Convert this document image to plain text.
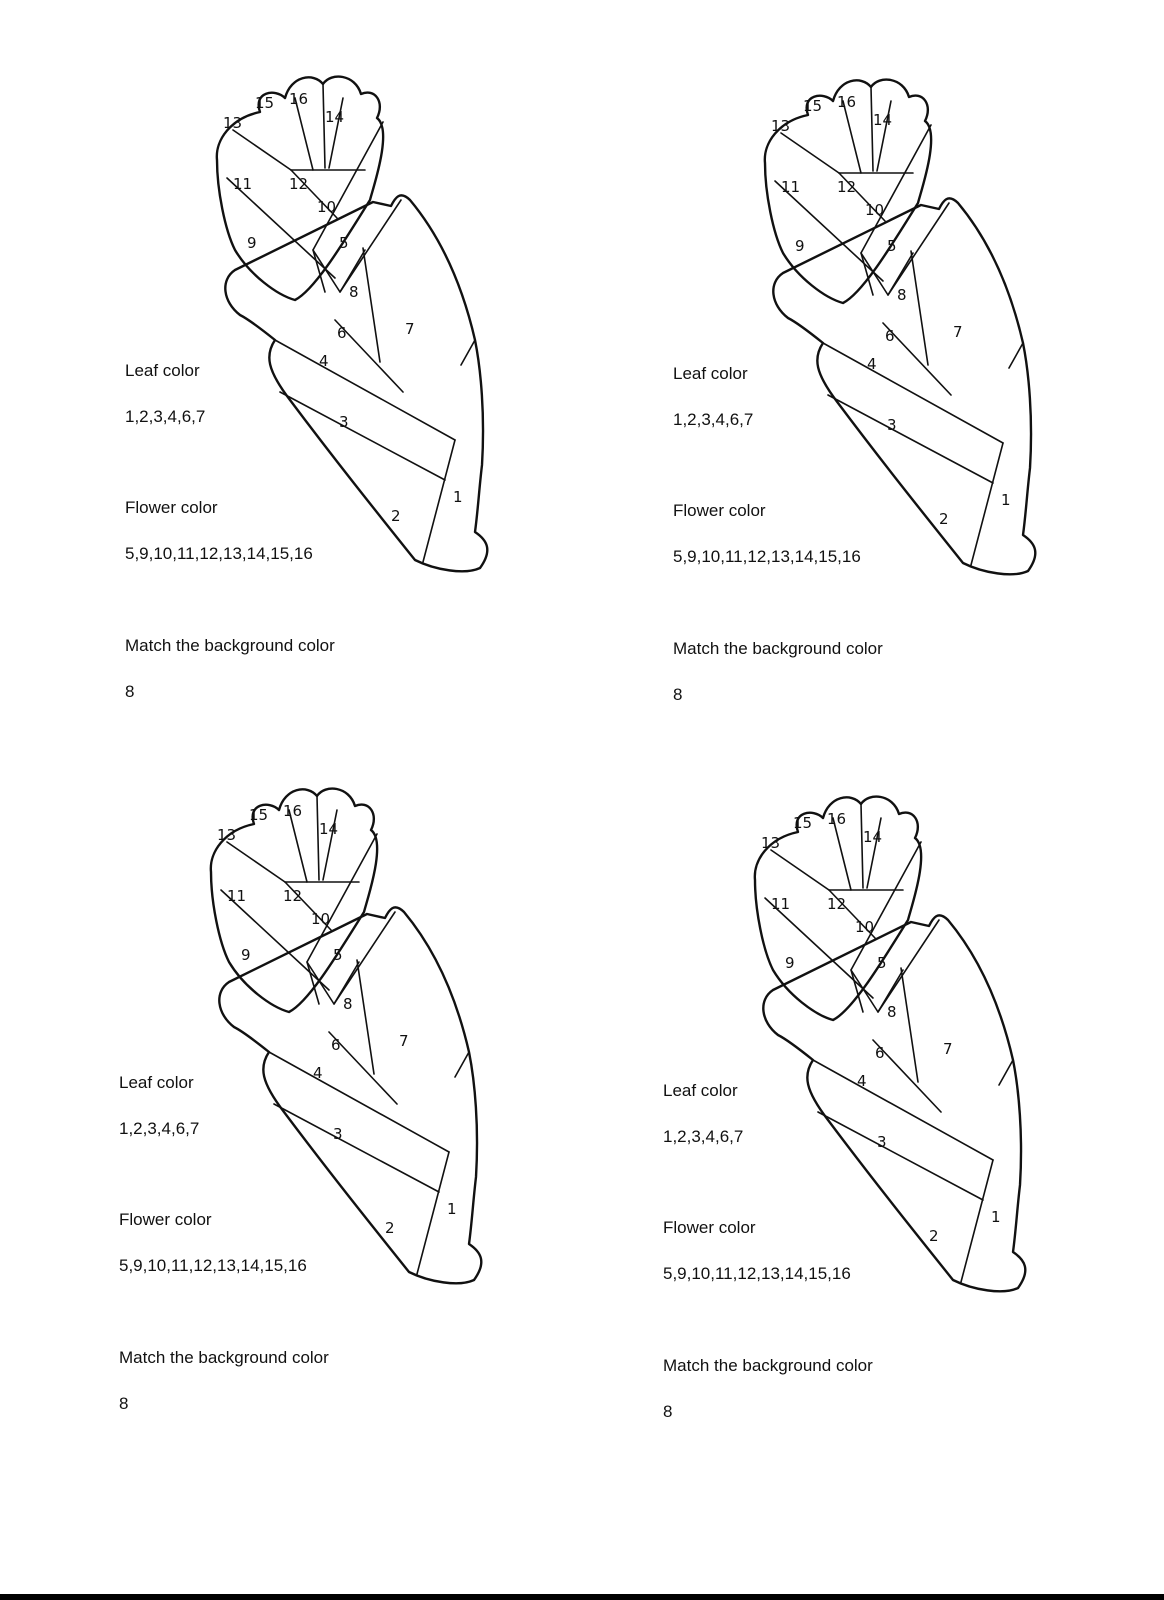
1
2
3
4
5
6	7
8
9
10
11 12
13	14
15 16
Leaf color
1,2,3,4,6,7
Flower color
5,9,10,11,12,13,14,15,16
Match the background color
8
1
2
3
4
5
6	7
8
9
10
11 12
13	14
15 16
Leaf color
1,2,3,4,6,7
Flower color
5,9,10,11,12,13,14,15,16
Match the background color
8
1
2
3
4
5
6	7
8
9
10
11 12
13	14
15 16
Leaf color
1,2,3,4,6,7
Flower color
5,9,10,11,12,13,14,15,16
Match the background color
8
1
2
3
4
5
6	7
8
9
10
11 12
13	14
15 16
Leaf color
1,2,3,4,6,7
Flower color
5,9,10,11,12,13,14,15,16
Match the background color
8
